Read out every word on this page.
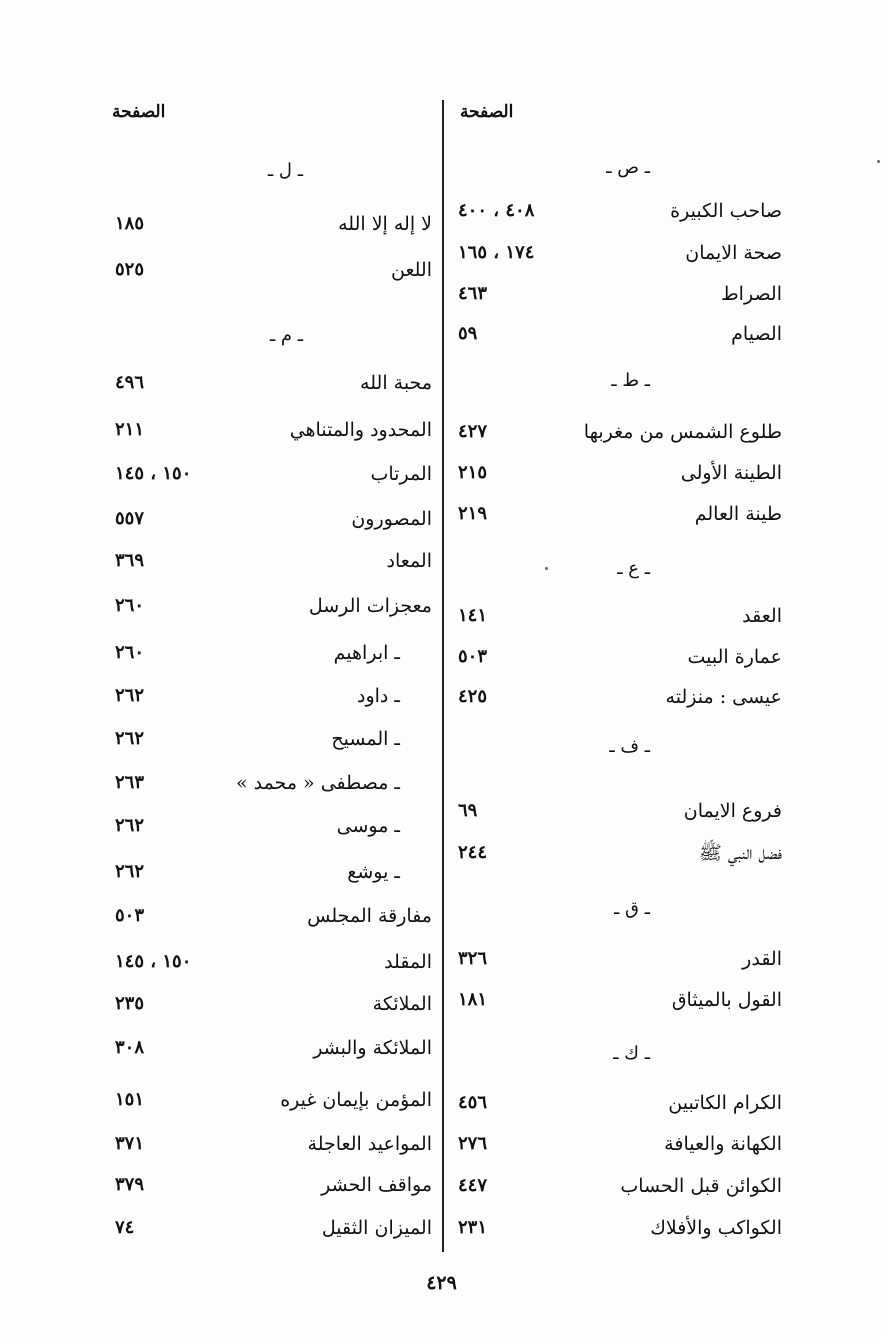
الصفحة
الصفحة
ـ ص ـ
صاحب الكبيرة
٤٠٨ ، ٤٠٠
صحة الايمان
١٧٤ ، ١٦٥
الصراط
٤٦٣
الصيام
٥٩
ـ ط ـ
طلوع الشمس من مغربها
٤٢٧
الطينة الأولى
٢١٥
طينة العالم
٢١٩
ـ ع ـ
العقد
١٤١
عمارة البيت
٥٠٣
عيسى : منزلته
٤٢٥
ـ ف ـ
فروع الايمان
٦٩
فضل النبي ﷺ
٢٤٤
ـ ق ـ
القدر
٣٢٦
القول بالميثاق
١٨١
ـ ك ـ
الكرام الكاتبين
٤٥٦
الكهانة والعيافة
٢٧٦
الكوائن قبل الحساب
٤٤٧
الكواكب والأفلاك
٢٣١
ـ ل ـ
لا إله إلا الله
١٨٥
اللعن
٥٢٥
ـ م ـ
محبة الله
٤٩٦
المحدود والمتناهي
٢١١
المرتاب
١٥٠ ، ١٤٥
المصورون
٥٥٧
المعاد
٣٦٩
معجزات الرسل
٢٦٠
ـ ابراهيم
٢٦٠
ـ داود
٢٦٢
ـ المسيح
٢٦٢
ـ مصطفى « محمد »
٢٦٣
ـ موسى
٢٦٢
ـ يوشع
٢٦٢
مفارقة المجلس
٥٠٣
المقلد
١٥٠ ، ١٤٥
الملائكة
٢٣٥
الملائكة والبشر
٣٠٨
المؤمن بإيمان غيره
١٥١
المواعيد العاجلة
٣٧١
مواقف الحشر
٣٧٩
الميزان الثقيل
٧٤
٤٢٩
